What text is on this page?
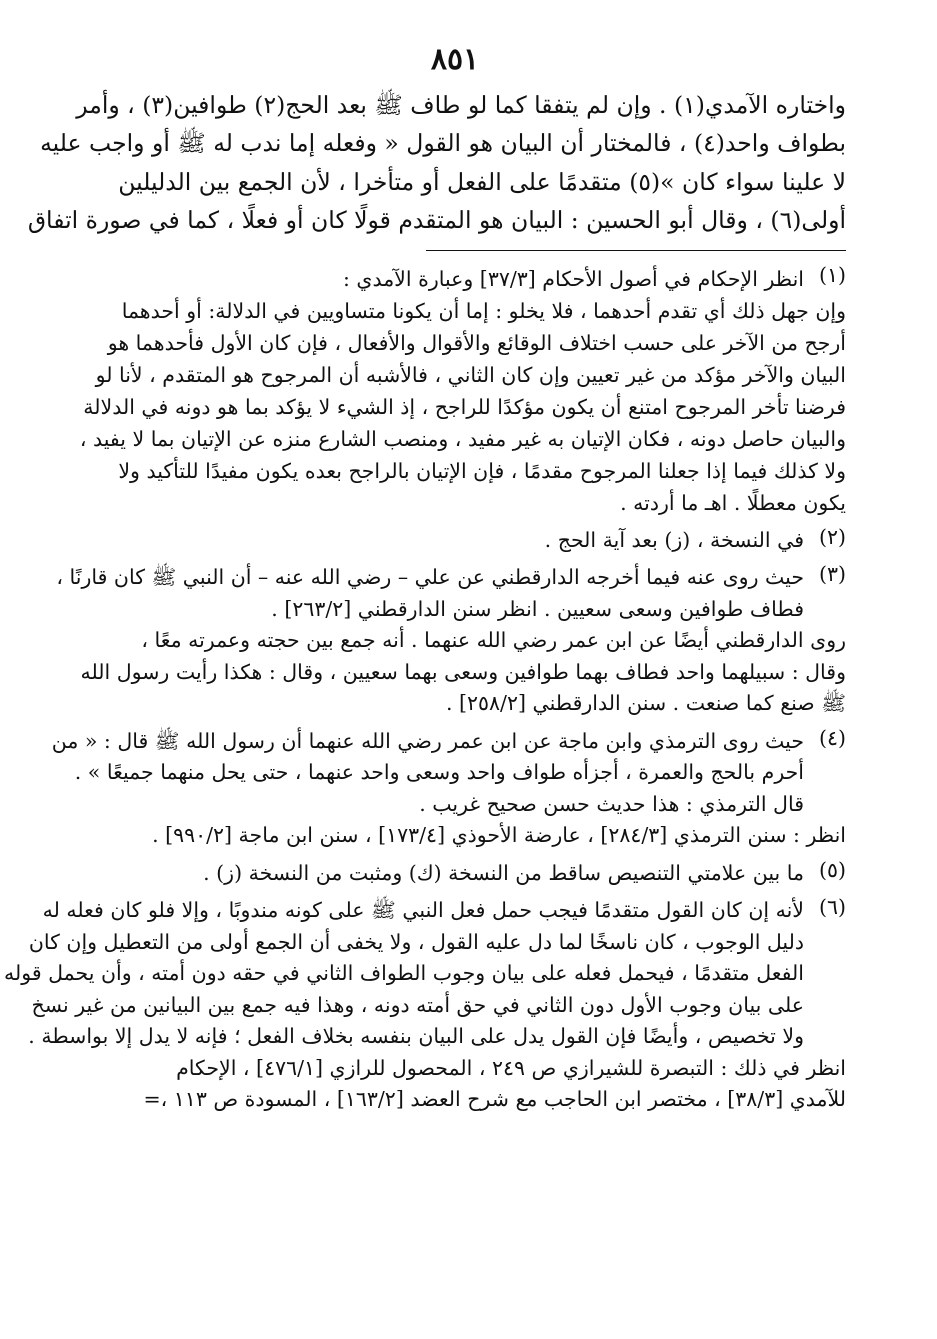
٨٥١
واختاره الآمدي(١) . وإن لم يتفقا كما لو طاف ﷺ بعد الحج(٢) طوافين(٣) ، وأمر
بطواف واحد(٤) ، فالمختار أن البيان هو القول « وفعله إما ندب له ﷺ أو واجب عليه
لا علينا سواء كان »(٥) متقدمًا على الفعل أو متأخرا ، لأن الجمع بين الدليلين
أولى(٦) ، وقال أبو الحسين : البيان هو المتقدم قولًا كان أو فعلًا ، كما في صورة اتفاق
(١)
انظر الإحكام في أصول الأحكام [٣٧/٣] وعبارة الآمدي :
وإن جهل ذلك أي تقدم أحدهما ، فلا يخلو : إما أن يكونا متساويين في الدلالة: أو أحدهما
أرجح من الآخر على حسب اختلاف الوقائع والأقوال والأفعال ، فإن كان الأول فأحدهما هو
البيان والآخر مؤكد من غير تعيين وإن كان الثاني ، فالأشبه أن المرجوح هو المتقدم ، لأنا لو
فرضنا تأخر المرجوح امتنع أن يكون مؤكدًا للراجح ، إذ الشيء لا يؤكد بما هو دونه في الدلالة
والبيان حاصل دونه ، فكان الإتيان به غير مفيد ، ومنصب الشارع منزه عن الإتيان بما لا يفيد ،
ولا كذلك فيما إذا جعلنا المرجوح مقدمًا ، فإن الإتيان بالراجح بعده يكون مفيدًا للتأكيد ولا
يكون معطلًا . اهـ ما أردته .
(٢)
في النسخة ، (ز) بعد آية الحج .
(٣)
حيث روى عنه فيما أخرجه الدارقطني عن علي – رضي الله عنه – أن النبي ﷺ كان قارنًا ،
فطاف طوافين وسعى سعيين . انظر سنن الدارقطني [٢٦٣/٢] .
روى الدارقطني أيضًا عن ابن عمر رضي الله عنهما . أنه جمع بين حجته وعمرته معًا ،
وقال : سبيلهما واحد فطاف بهما طوافين وسعى بهما سعيين ، وقال : هكذا رأيت رسول الله
ﷺ صنع كما صنعت . سنن الدارقطني [٢٥٨/٢] .
(٤)
حيث روى الترمذي وابن ماجة عن ابن عمر رضي الله عنهما أن رسول الله ﷺ قال : « من
أحرم بالحج والعمرة ، أجزأه طواف واحد وسعى واحد عنهما ، حتى يحل منهما جميعًا » .
قال الترمذي : هذا حديث حسن صحيح غريب .
انظر : سنن الترمذي [٢٨٤/٣] ، عارضة الأحوذي [١٧٣/٤] ، سنن ابن ماجة [٩٩٠/٢] .
(٥)
ما بين علامتي التنصيص ساقط من النسخة (ك) ومثبت من النسخة (ز) .
(٦)
لأنه إن كان القول متقدمًا فيجب حمل فعل النبي ﷺ على كونه مندوبًا ، وإلا فلو كان فعله له
دليل الوجوب ، كان ناسخًا لما دل عليه القول ، ولا يخفى أن الجمع أولى من التعطيل وإن كان
الفعل متقدمًا ، فيحمل فعله على بيان وجوب الطواف الثاني في حقه دون أمته ، وأن يحمل قوله
على بيان وجوب الأول دون الثاني في حق أمته دونه ، وهذا فيه جمع بين البيانين من غير نسخ
ولا تخصيص ، وأيضًا فإن القول يدل على البيان بنفسه بخلاف الفعل ؛ فإنه لا يدل إلا بواسطة .
انظر في ذلك : التبصرة للشيرازي ص ٢٤٩ ، المحصول للرازي [٤٧٦/١] ، الإحكام
للآمدي [٣٨/٣] ، مختصر ابن الحاجب مع شرح العضد [١٦٣/٢] ، المسودة ص ١١٣ ،=
